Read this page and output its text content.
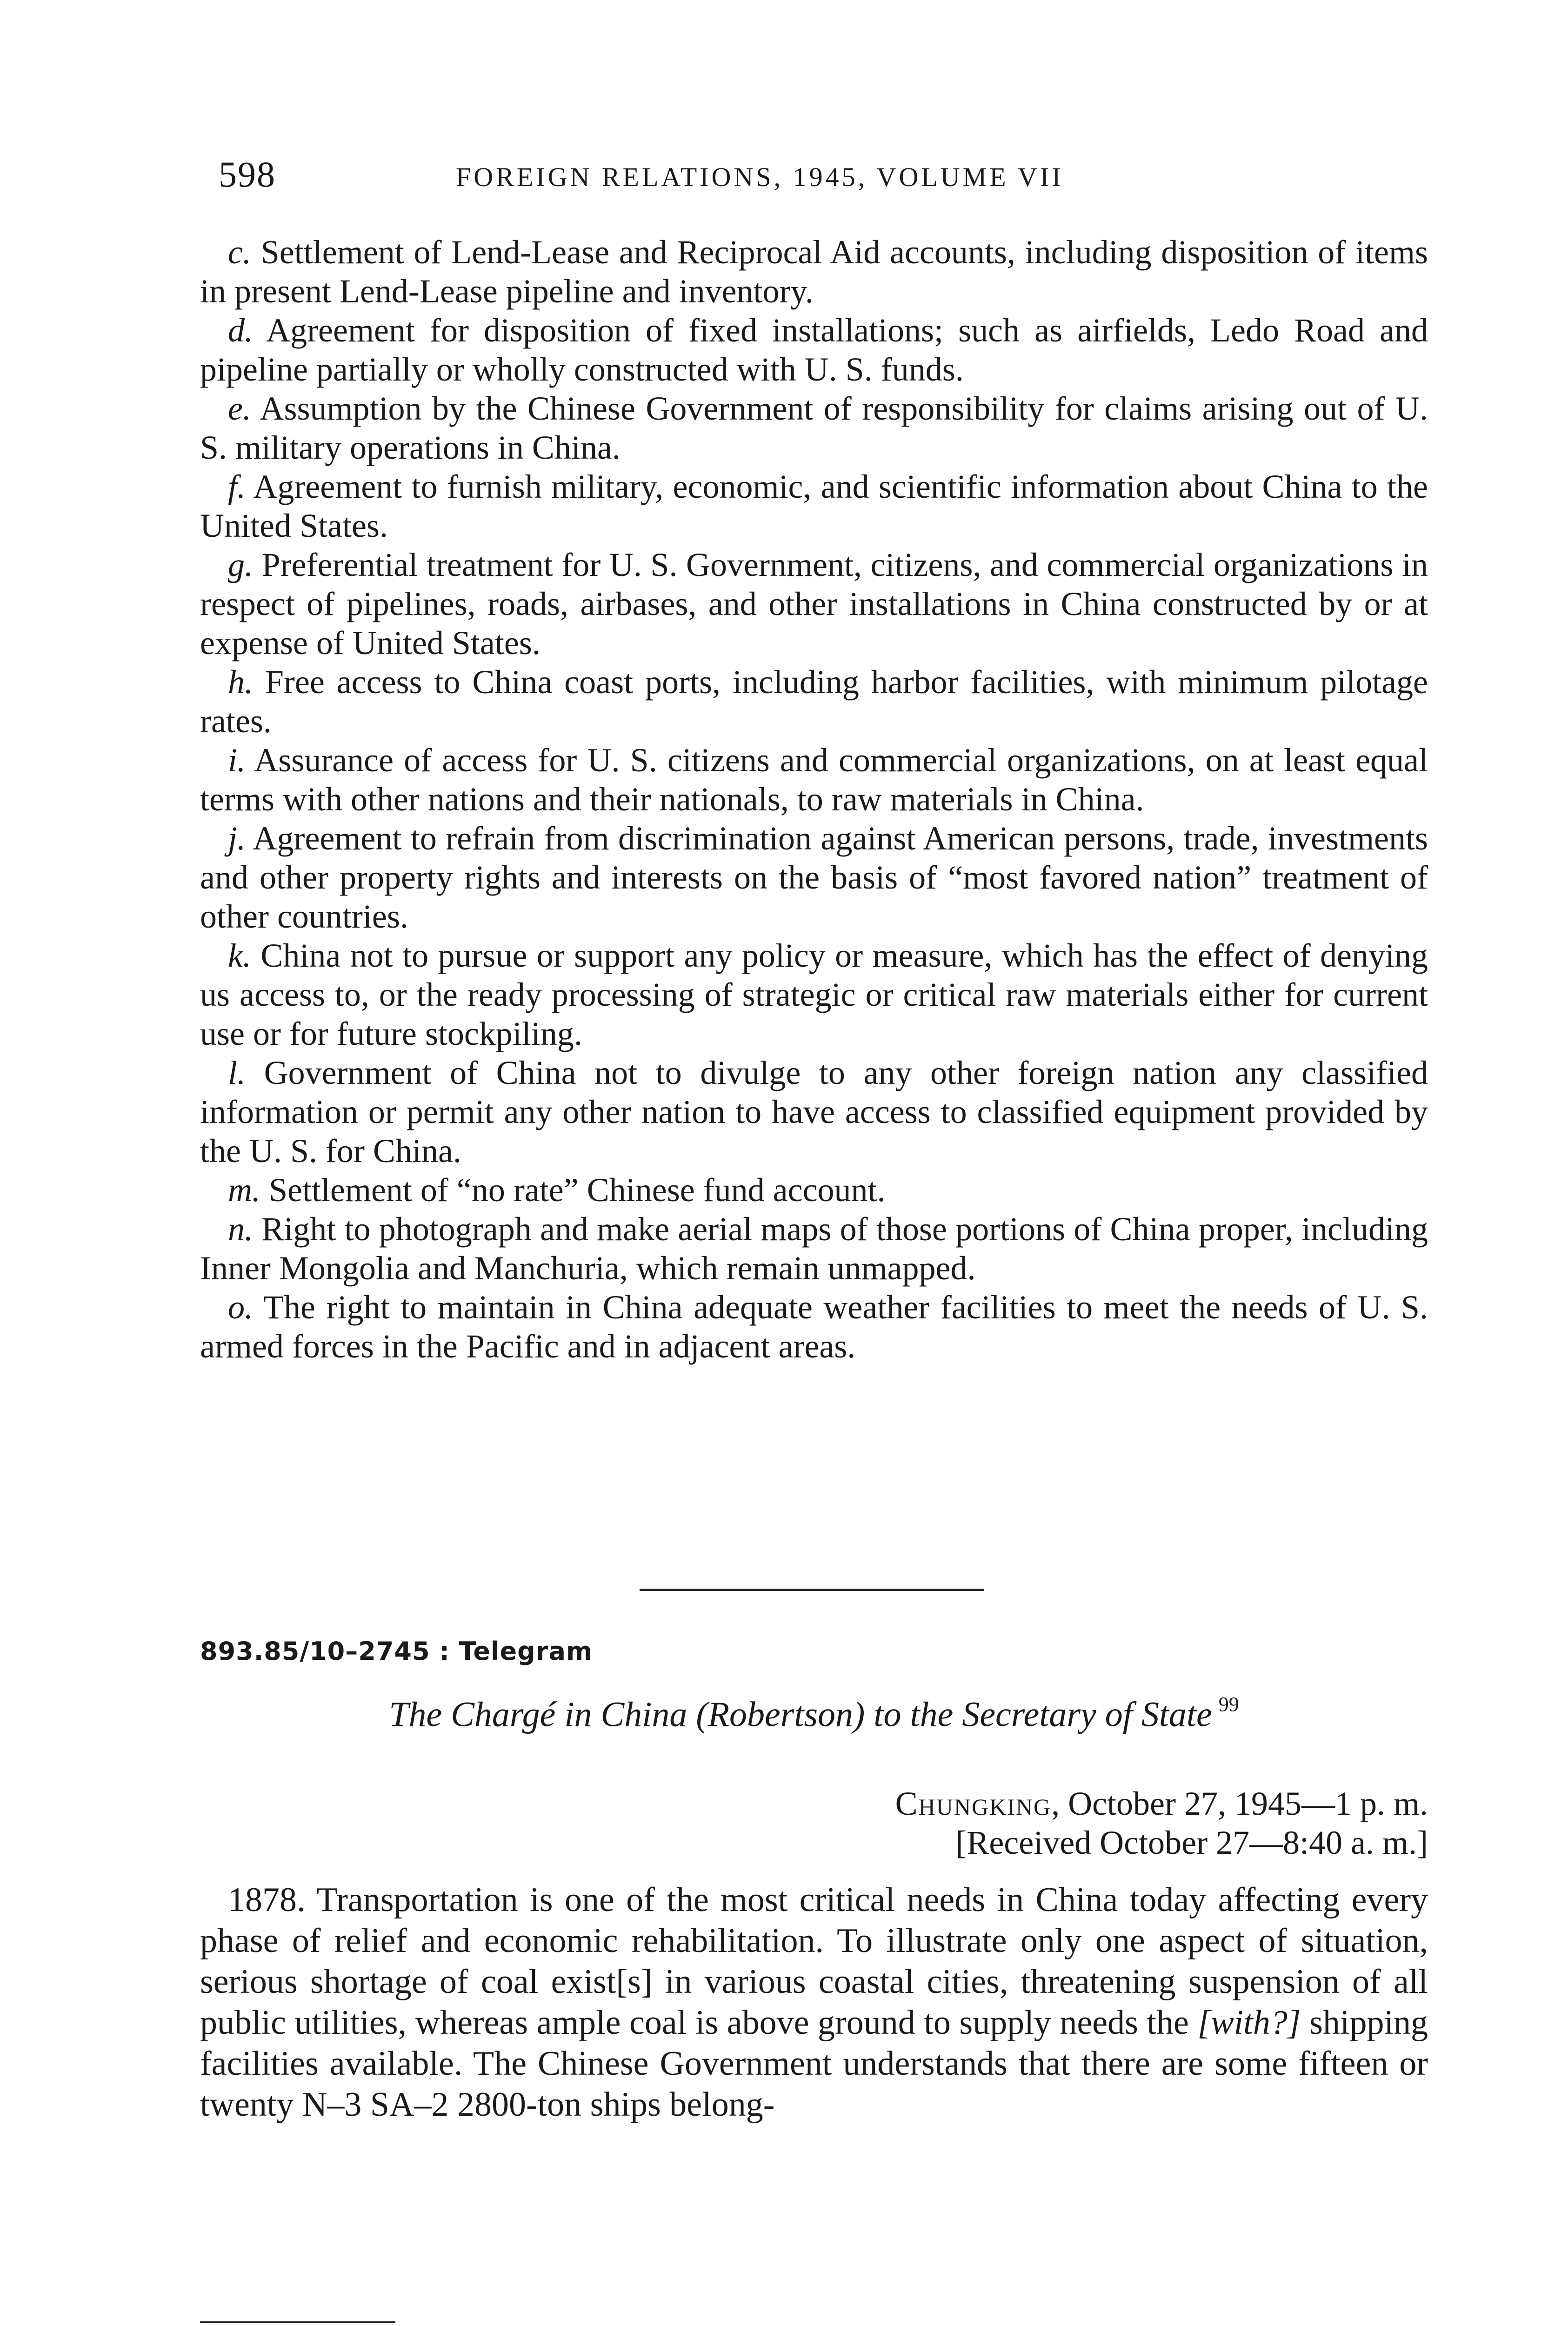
598	FOREIGN RELATIONS, 1945, VOLUME VII

c. Settlement of Lend-Lease and Reciprocal Aid accounts, including disposition of items in present Lend-Lease pipeline and inventory.

d. Agreement for disposition of fixed installations; such as airfields, Ledo Road and pipeline partially or wholly constructed with U. S. funds.

e. Assumption by the Chinese Government of responsibility for claims arising out of U. S. military operations in China.

f. Agreement to furnish military, economic, and scientific information about China to the United States.

g. Preferential treatment for U. S. Government, citizens, and commercial organizations in respect of pipelines, roads, airbases, and other installations in China constructed by or at expense of United States.

h. Free access to China coast ports, including harbor facilities, with minimum pilotage rates.

i. Assurance of access for U. S. citizens and commercial organizations, on at least equal terms with other nations and their nationals, to raw materials in China.

j. Agreement to refrain from discrimination against American persons, trade, investments and other property rights and interests on the basis of “most favored nation” treatment of other countries.

k. China not to pursue or support any policy or measure, which has the effect of denying us access to, or the ready processing of strategic or critical raw materials either for current use or for future stockpiling.

l. Government of China not to divulge to any other foreign nation any classified information or permit any other nation to have access to classified equipment provided by the U. S. for China.

m. Settlement of “no rate” Chinese fund account.

n. Right to photograph and make aerial maps of those portions of China proper, including Inner Mongolia and Manchuria, which remain unmapped.

o. The right to maintain in China adequate weather facilities to meet the needs of U. S. armed forces in the Pacific and in adjacent areas.

893.85/10–2745 : Telegram
The Chargé in China (Robertson) to the Secretary of State $^{99}$
Chungking, October 27, 1945—1 p. m.
[Received October 27—8:40 a. m.]

1878. Transportation is one of the most critical needs in China today affecting every phase of relief and economic rehabilitation. To illustrate only one aspect of situation, serious shortage of coal exist[s] in various coastal cities, threatening suspension of all public utilities, whereas ample coal is above ground to supply needs the [with?] shipping facilities available. The Chinese Government understands that there are some fifteen or twenty N–3 SA–2 2800-ton ships belong-
